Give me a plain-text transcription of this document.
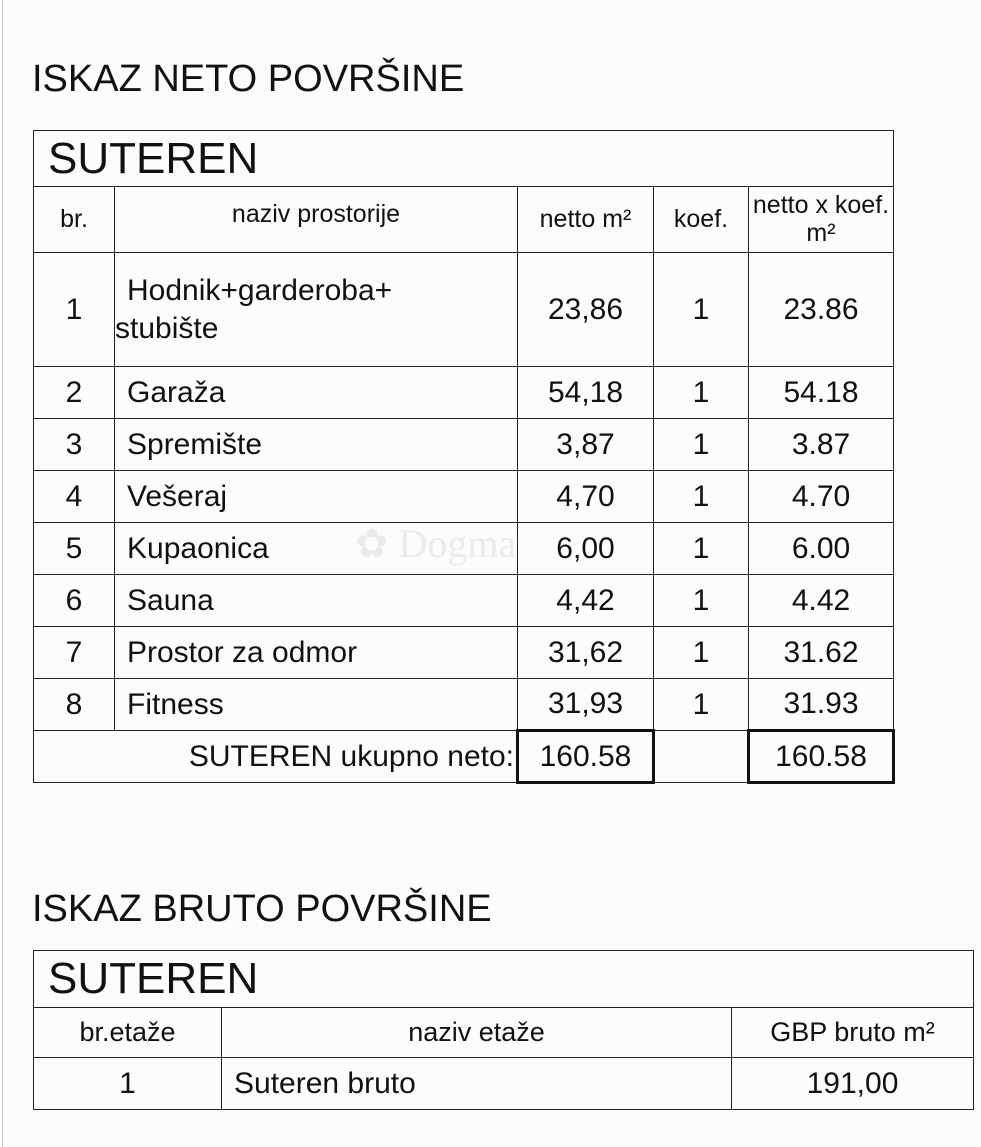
ISKAZ NETO POVRŠINE
SUTEREN				
br.	naziv prostorije	netto m²	koef.	netto x koef. m²
1	Hodnik+garderoba+
stubište	23,86	1	23.86
2	Garaža	54,18	1	54.18
3	Spremište	3,87	1	3.87
4	Vešeraj	4,70	1	4.70
5	Kupaonica	6,00	1	6.00
6	Sauna	4,42	1	4.42
7	Prostor za odmor	31,62	1	31.62
8	Fitness	31,93	1	31.93
SUTEREN ukupno neto:		160.58		160.58
✿ Dogma
ISKAZ BRUTO POVRŠINE
SUTEREN		
br.etaže	naziv etaže	GBP bruto m²
1	Suteren bruto	191,00
